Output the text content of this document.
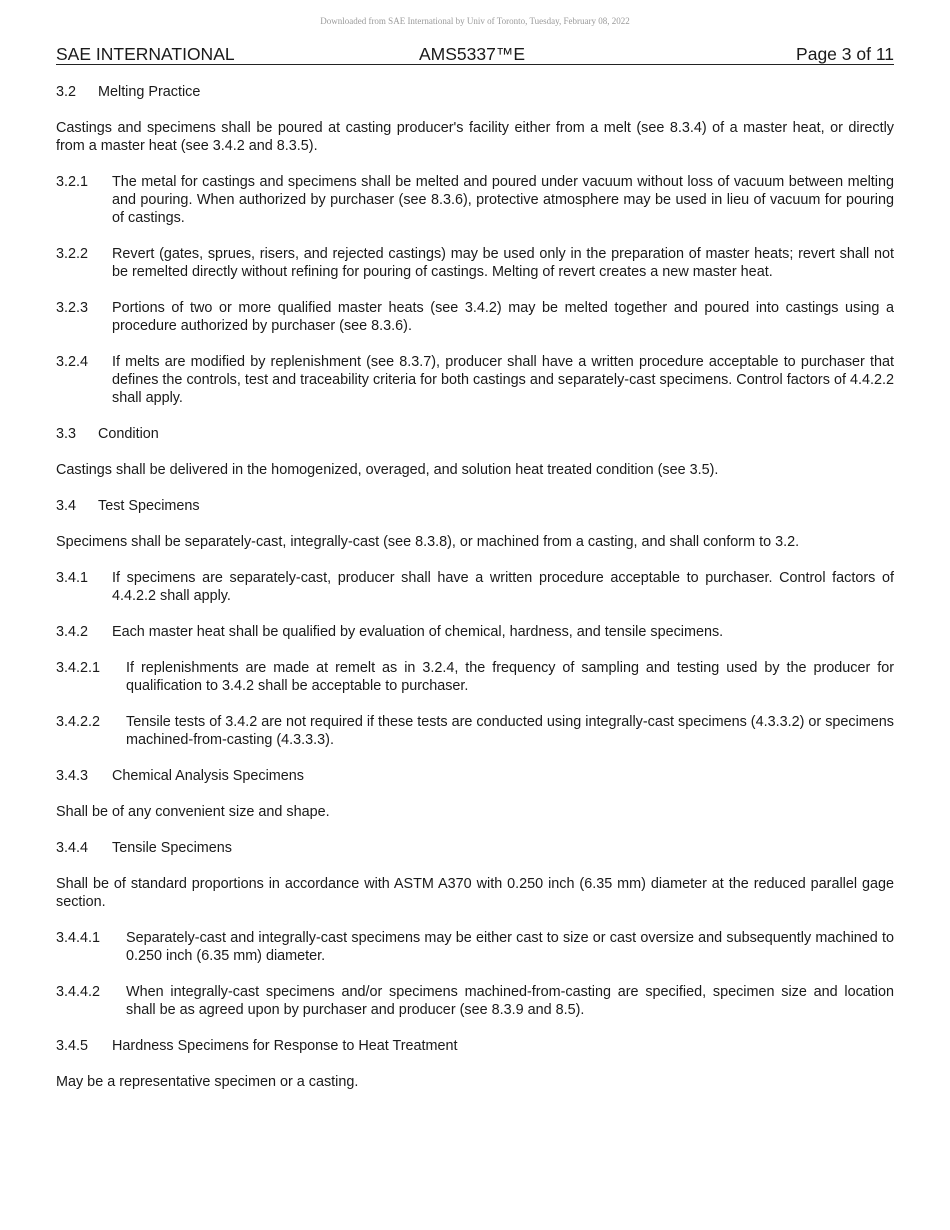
Downloaded from SAE International by Univ of Toronto, Tuesday, February 08, 2022
SAE INTERNATIONAL	AMS5337™E	Page 3 of 11
3.2	Melting Practice

Castings and specimens shall be poured at casting producer's facility either from a melt (see 8.3.4) of a master heat, or directly from a master heat (see 3.4.2 and 8.3.5).

3.2.1	The metal for castings and specimens shall be melted and poured under vacuum without loss of vacuum between melting and pouring. When authorized by purchaser (see 8.3.6), protective atmosphere may be used in lieu of vacuum for pouring of castings.
3.2.2	Revert (gates, sprues, risers, and rejected castings) may be used only in the preparation of master heats; revert shall not be remelted directly without refining for pouring of castings. Melting of revert creates a new master heat.
3.2.3	Portions of two or more qualified master heats (see 3.4.2) may be melted together and poured into castings using a procedure authorized by purchaser (see 8.3.6).
3.2.4	If melts are modified by replenishment (see 8.3.7), producer shall have a written procedure acceptable to purchaser that defines the controls, test and traceability criteria for both castings and separately-cast specimens. Control factors of 4.4.2.2 shall apply.
3.3	Condition

Castings shall be delivered in the homogenized, overaged, and solution heat treated condition (see 3.5).

3.4	Test Specimens

Specimens shall be separately-cast, integrally-cast (see 8.3.8), or machined from a casting, and shall conform to 3.2.

3.4.1	If specimens are separately-cast, producer shall have a written procedure acceptable to purchaser. Control factors of 4.4.2.2 shall apply.
3.4.2	Each master heat shall be qualified by evaluation of chemical, hardness, and tensile specimens.
3.4.2.1	If replenishments are made at remelt as in 3.2.4, the frequency of sampling and testing used by the producer for qualification to 3.4.2 shall be acceptable to purchaser.
3.4.2.2	Tensile tests of 3.4.2 are not required if these tests are conducted using integrally-cast specimens (4.3.3.2) or specimens machined-from-casting (4.3.3.3).
3.4.3	Chemical Analysis Specimens

Shall be of any convenient size and shape.

3.4.4	Tensile Specimens

Shall be of standard proportions in accordance with ASTM A370 with 0.250 inch (6.35 mm) diameter at the reduced parallel gage section.

3.4.4.1	Separately-cast and integrally-cast specimens may be either cast to size or cast oversize and subsequently machined to 0.250 inch (6.35 mm) diameter.
3.4.4.2	When integrally-cast specimens and/or specimens machined-from-casting are specified, specimen size and location shall be as agreed upon by purchaser and producer (see 8.3.9 and 8.5).
3.4.5	Hardness Specimens for Response to Heat Treatment

May be a representative specimen or a casting.
